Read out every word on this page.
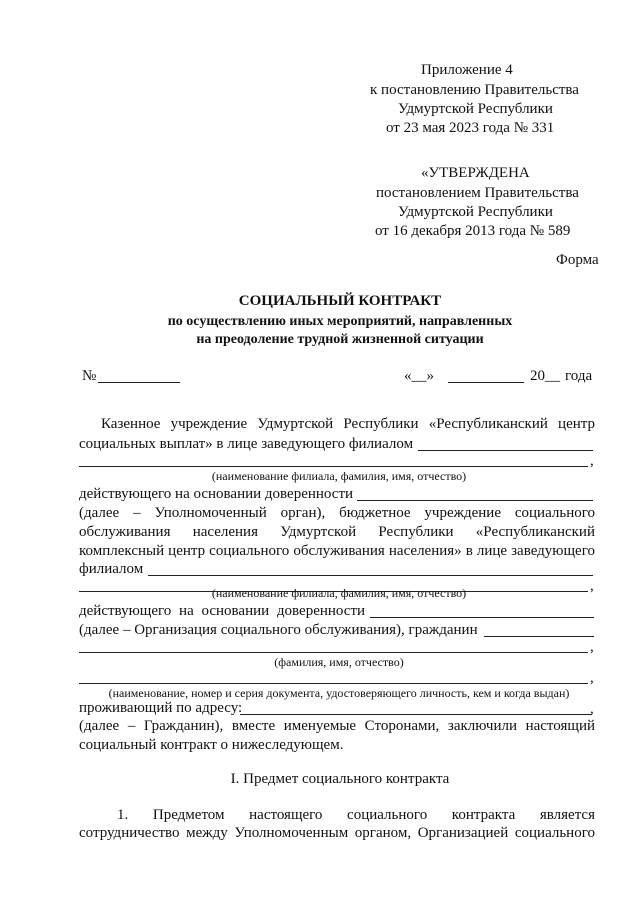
Приложение 4
к постановлению Правительства
Удмуртской Республики
от 23 мая 2023 года № 331
«УТВЕРЖДЕНА
постановлением Правительства
Удмуртской Республики
от 16 декабря 2013 года № 589
Форма
СОЦИАЛЬНЫЙ КОНТРАКТ
по осуществлению иных мероприятий, направленных
на преодоление трудной жизненной ситуации
№	«__»	20__ года
Казенное учреждение Удмуртской Республики «Республиканский центр
социальных выплат» в лице заведующего филиалом
,
(наименование филиала, фамилия, имя, отчество)
действующего на основании доверенности
(далее – Уполномоченный орган), бюджетное учреждение социального
обслуживания населения Удмуртской Республики «Республиканский
комплексный центр социального обслуживания населения» в лице заведующего
филиалом
,
(наименование филиала, фамилия, имя, отчество)
действующего на основании доверенности
(далее – Организация социального обслуживания), гражданин
,
(фамилия, имя, отчество)
,
(наименование, номер и серия документа, удостоверяющего личность, кем и когда выдан)
проживающий по адресу:	,
(далее – Гражданин), вместе именуемые Сторонами, заключили настоящий
социальный контракт о нижеследующем.
I. Предмет социального контракта
1. Предметом настоящего социального контракта является
сотрудничество между Уполномоченным органом, Организацией социального
